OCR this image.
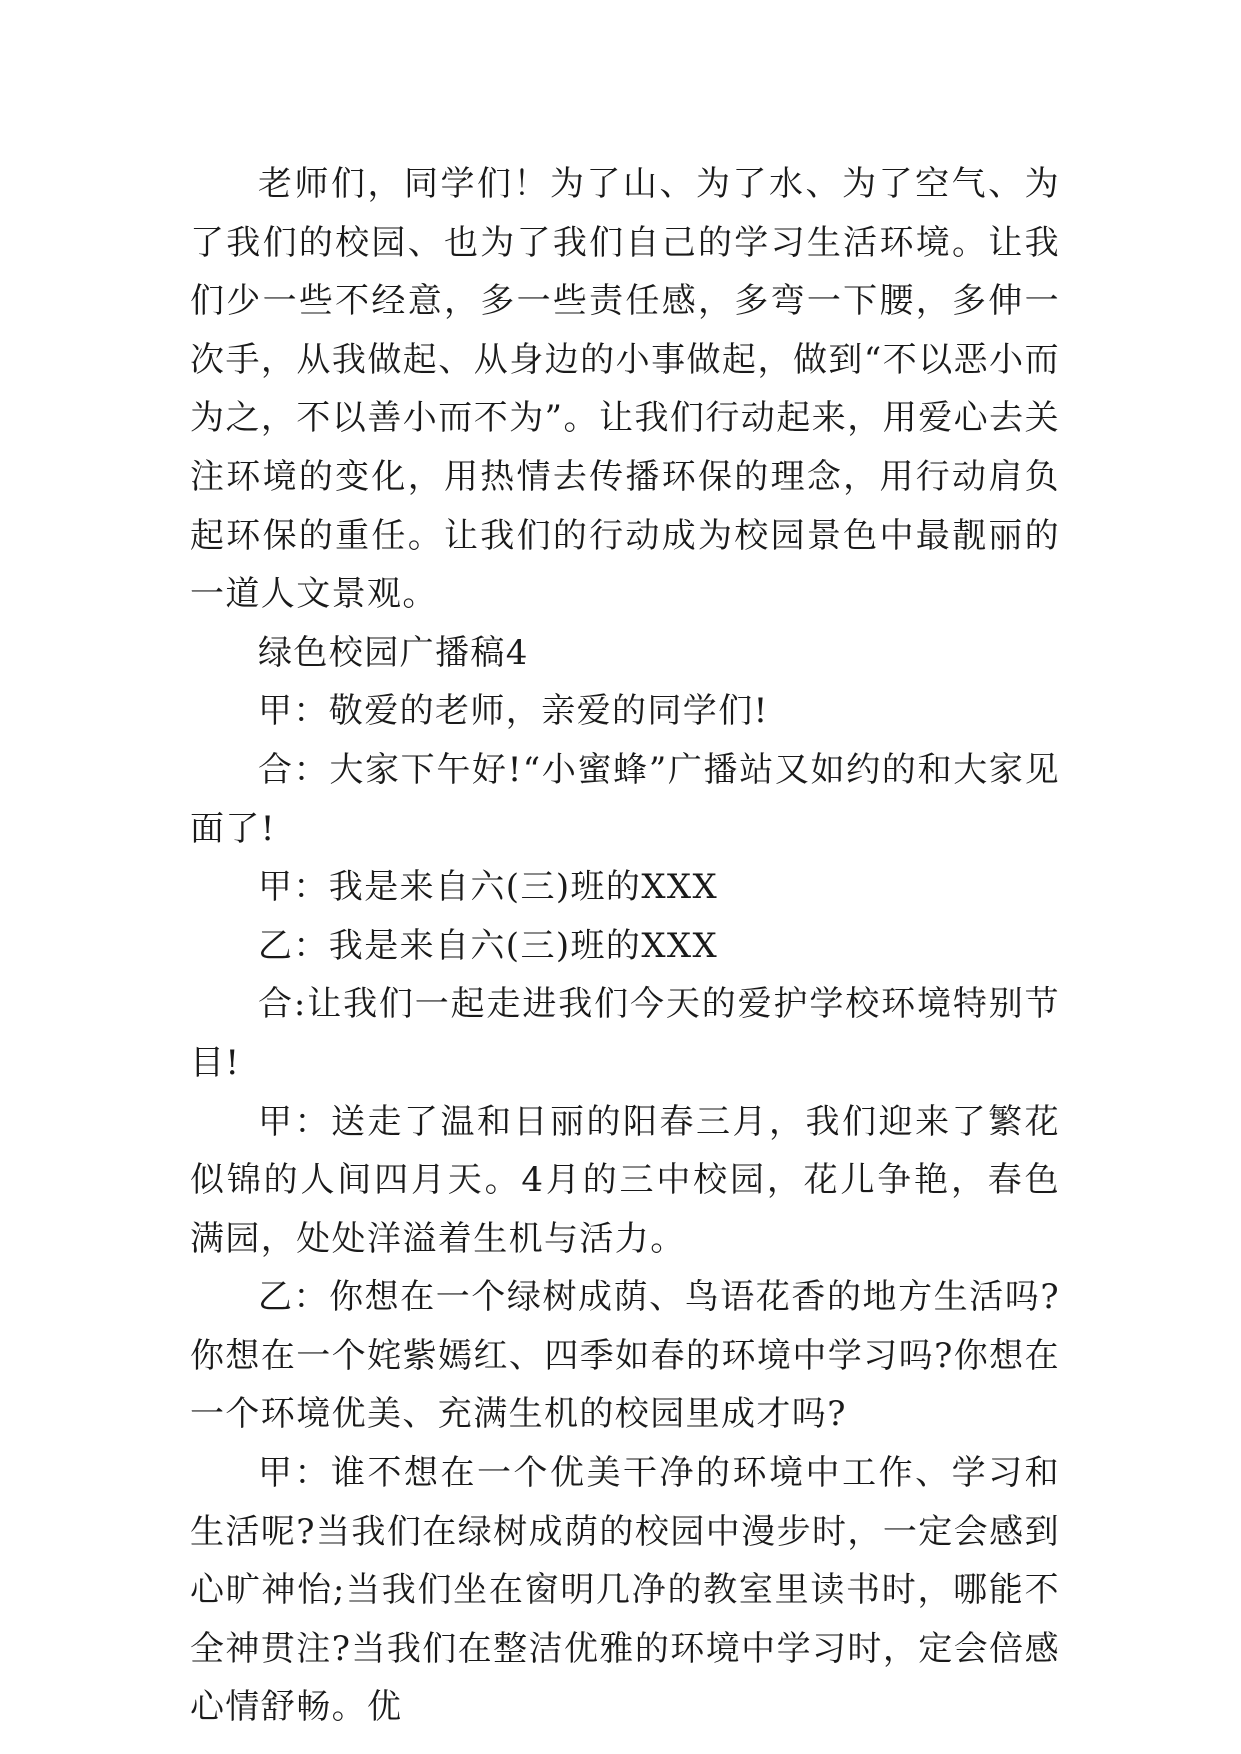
老师们，同学们！为了山、为了水、为了空气、为了我们的校园、也为了我们自己的学习生活环境。让我们少一些不经意，多一些责任感，多弯一下腰，多伸一次手，从我做起、从身边的小事做起，做到“不以恶小而为之，不以善小而不为”。让我们行动起来，用爱心去关注环境的变化，用热情去传播环保的理念，用行动肩负起环保的重任。让我们的行动成为校园景色中最靓丽的一道人文景观。

绿色校园广播稿4

甲：敬爱的老师，亲爱的同学们!

合：大家下午好!“小蜜蜂”广播站又如约的和大家见面了!

甲：我是来自六(三)班的XXX

乙：我是来自六(三)班的XXX

合:让我们一起走进我们今天的爱护学校环境特别节目!

甲：送走了温和日丽的阳春三月，我们迎来了繁花似锦的人间四月天。4月的三中校园，花儿争艳，春色满园，处处洋溢着生机与活力。

乙：你想在一个绿树成荫、鸟语花香的地方生活吗?你想在一个姹紫嫣红、四季如春的环境中学习吗?你想在一个环境优美、充满生机的校园里成才吗?

甲：谁不想在一个优美干净的环境中工作、学习和生活呢?当我们在绿树成荫的校园中漫步时，一定会感到心旷神怡;当我们坐在窗明几净的教室里读书时，哪能不全神贯注?当我们在整洁优雅的环境中学习时，定会倍感心情舒畅。优
